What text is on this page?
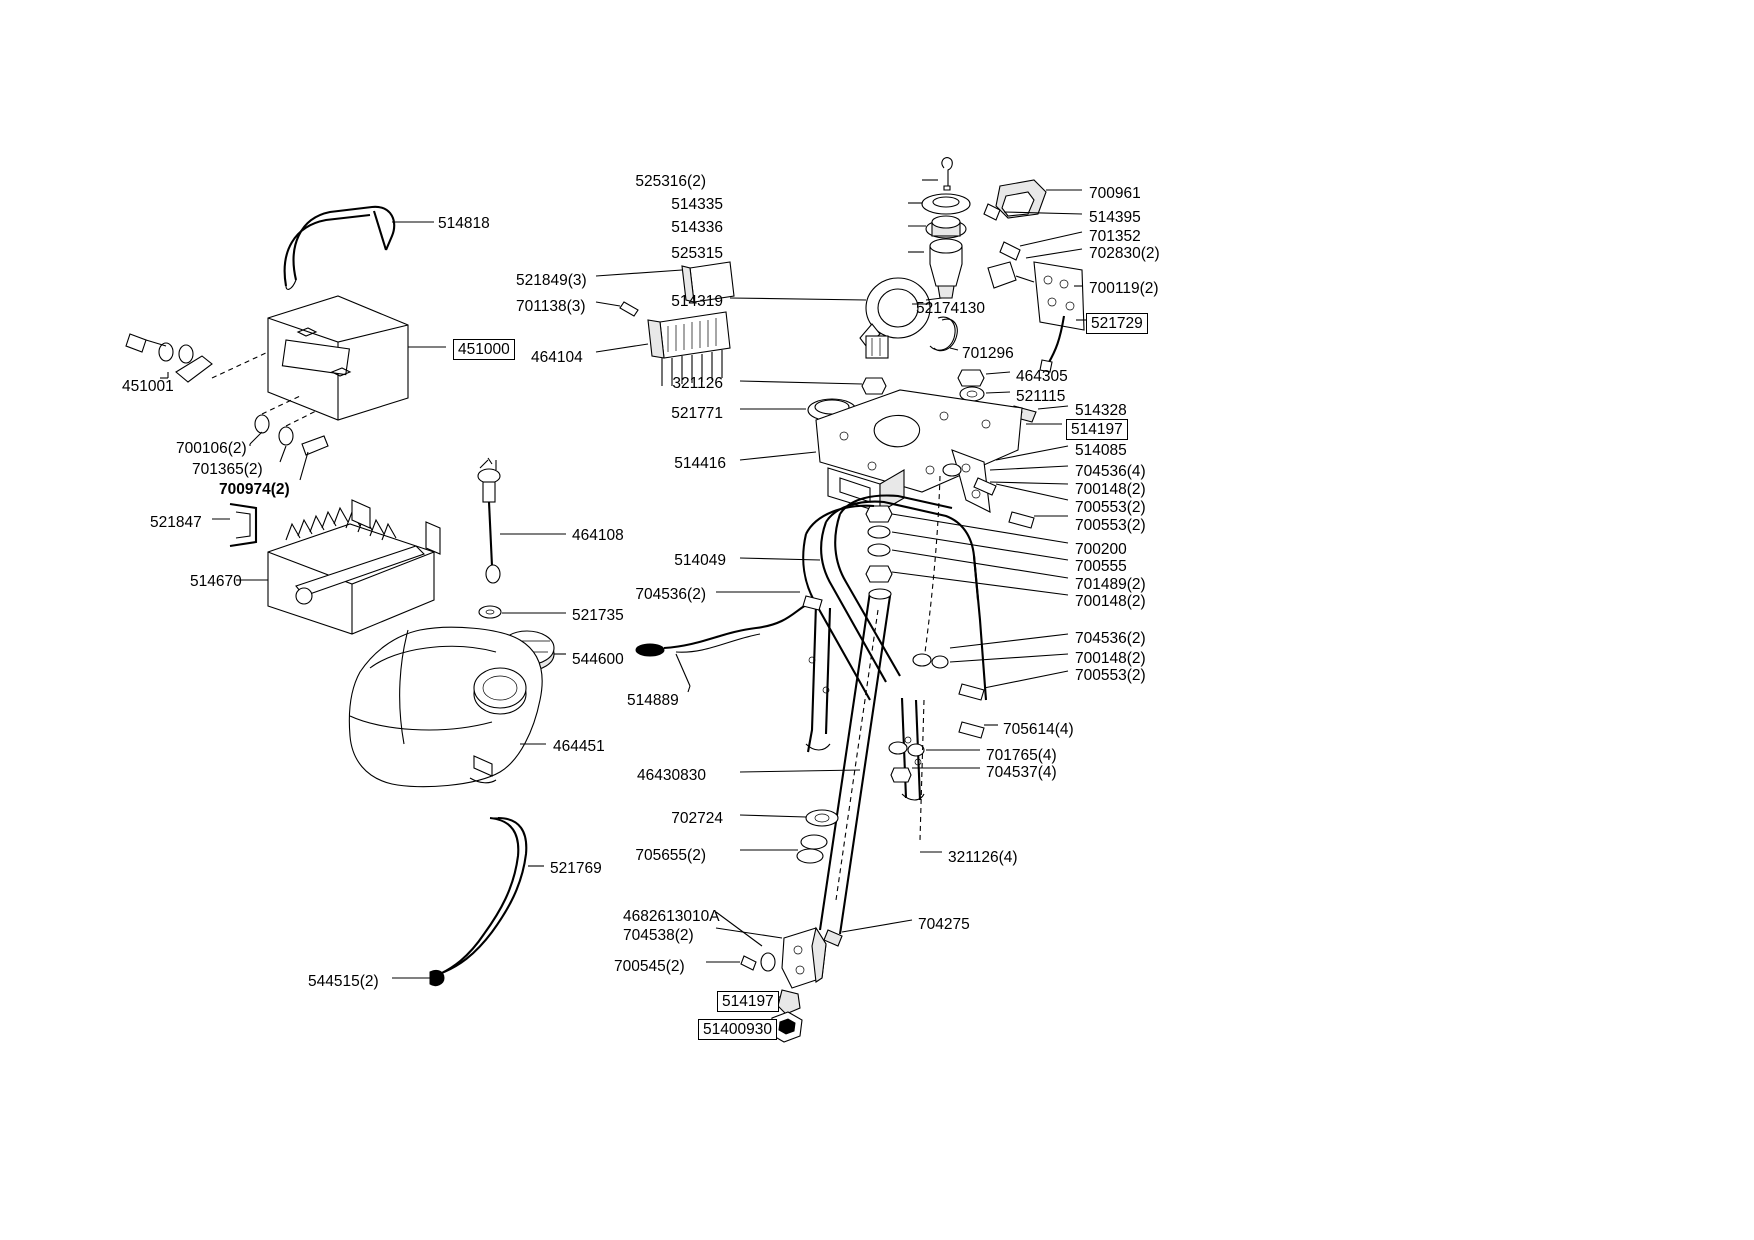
525316(2)
514335
514336
525315
700961
514395
701352
702830(2)
700119(2)
521729
521849(3)
701138(3)	514319	52174130
701296
464104
514818
451000
451001
700106(2)
701365(2)
700974(2)
321126
521771
464305
521115
514328
514197
514085
514416	704536(4)
700148(2)
700553(2)
700553(2)
700200
700555
701489(2)
700148(2)
514049
704536(2)
704536(2)
700148(2)
700553(2)
705614(4)
701765(4)
704537(4)
46430830
702724
705655(2)	321126(4)
521847
514670
464108
521735
544600
514889
464451
521769
544515(2)
4682613010A
704538(2)
700545(2)
704275
514197
51400930
